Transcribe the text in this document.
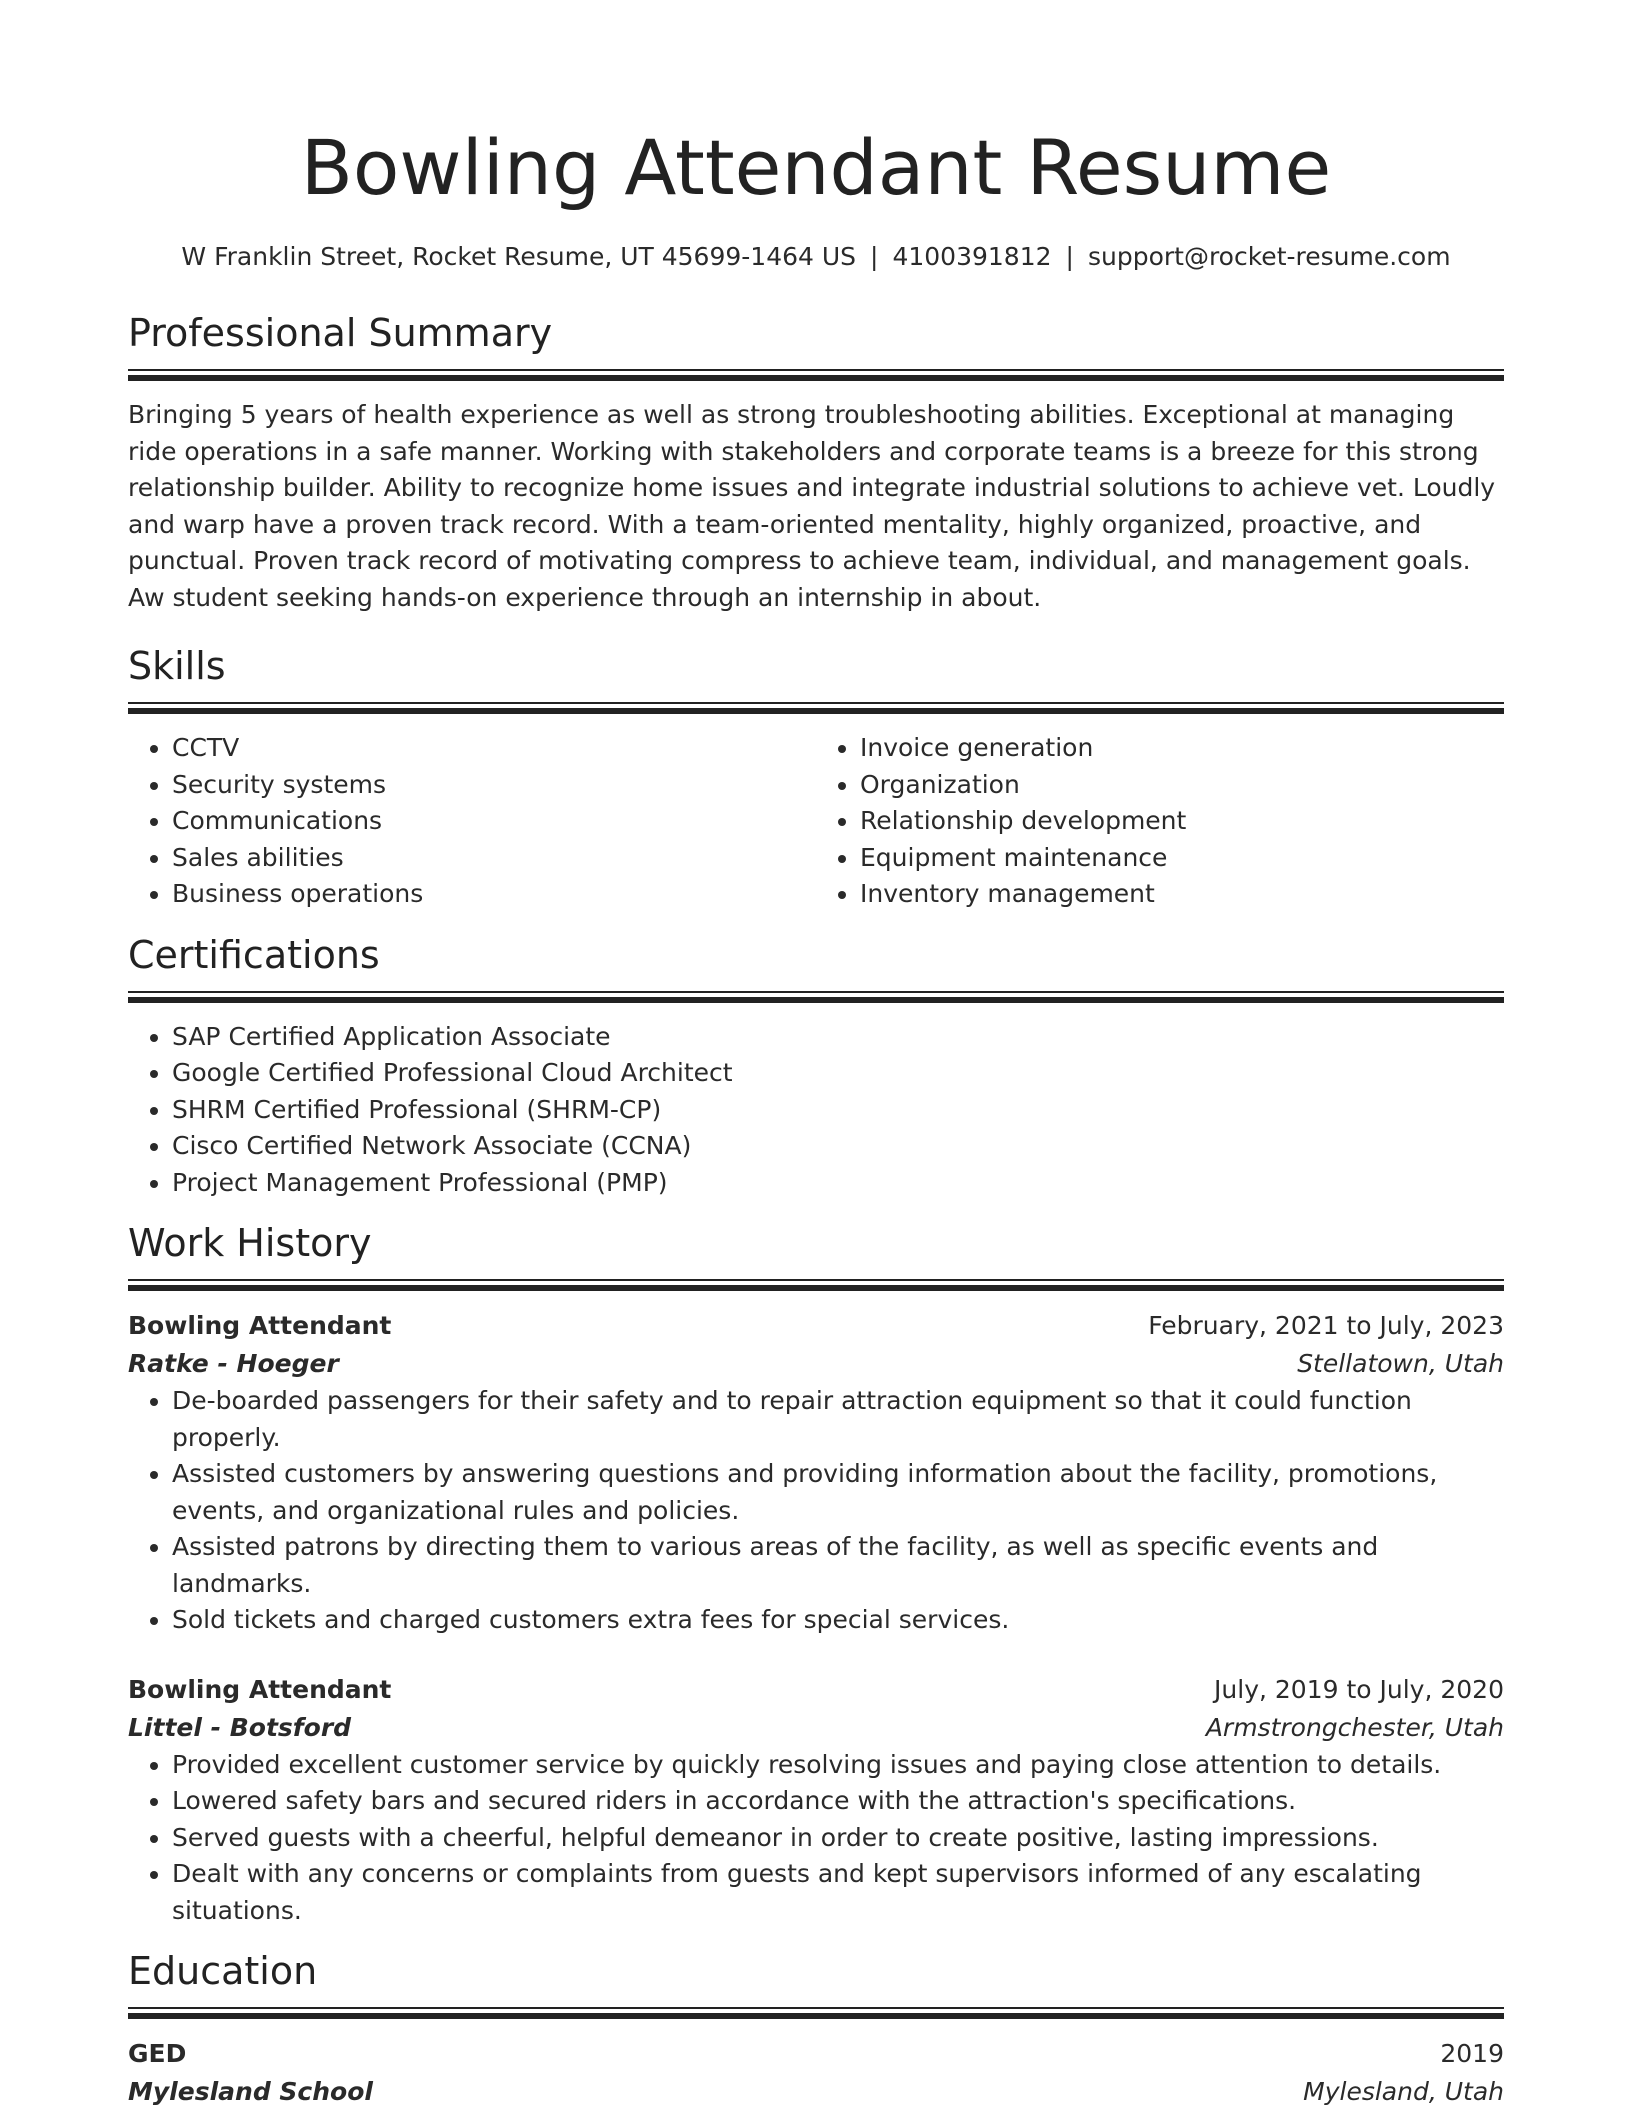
Bowling Attendant Resume
W Franklin Street, Rocket Resume, UT 45699-1464 US | 4100391812 | support@rocket-resume.com
Professional Summary

Bringing 5 years of health experience as well as strong troubleshooting abilities. Exceptional at managing ride operations in a safe manner. Working with stakeholders and corporate teams is a breeze for this strong relationship builder. Ability to recognize home issues and integrate industrial solutions to achieve vet. Loudly and warp have a proven track record. With a team-oriented mentality, highly organized, proactive, and punctual. Proven track record of motivating compress to achieve team, individual, and management goals. Aw student seeking hands-on experience through an internship in about.

Skills
• CCTV
• Security systems
• Communications
• Sales abilities
• Business operations
• Invoice generation
• Organization
• Relationship development
• Equipment maintenance
• Inventory management
Certifications
• SAP Certified Application Associate
• Google Certified Professional Cloud Architect
• SHRM Certified Professional (SHRM-CP)
• Cisco Certified Network Associate (CCNA)
• Project Management Professional (PMP)
Work History
Bowling Attendant	February, 2021 to July, 2023
Ratke - Hoeger	Stellatown, Utah
• De-boarded passengers for their safety and to repair attraction equipment so that it could function properly.
• Assisted customers by answering questions and providing information about the facility, promotions, events, and organizational rules and policies.
• Assisted patrons by directing them to various areas of the facility, as well as specific events and landmarks.
• Sold tickets and charged customers extra fees for special services.
Bowling Attendant	July, 2019 to July, 2020
Littel - Botsford	Armstrongchester, Utah
• Provided excellent customer service by quickly resolving issues and paying close attention to details.
• Lowered safety bars and secured riders in accordance with the attraction's specifications.
• Served guests with a cheerful, helpful demeanor in order to create positive, lasting impressions.
• Dealt with any concerns or complaints from guests and kept supervisors informed of any escalating situations.
Education
GED	2019
Mylesland School	Mylesland, Utah
